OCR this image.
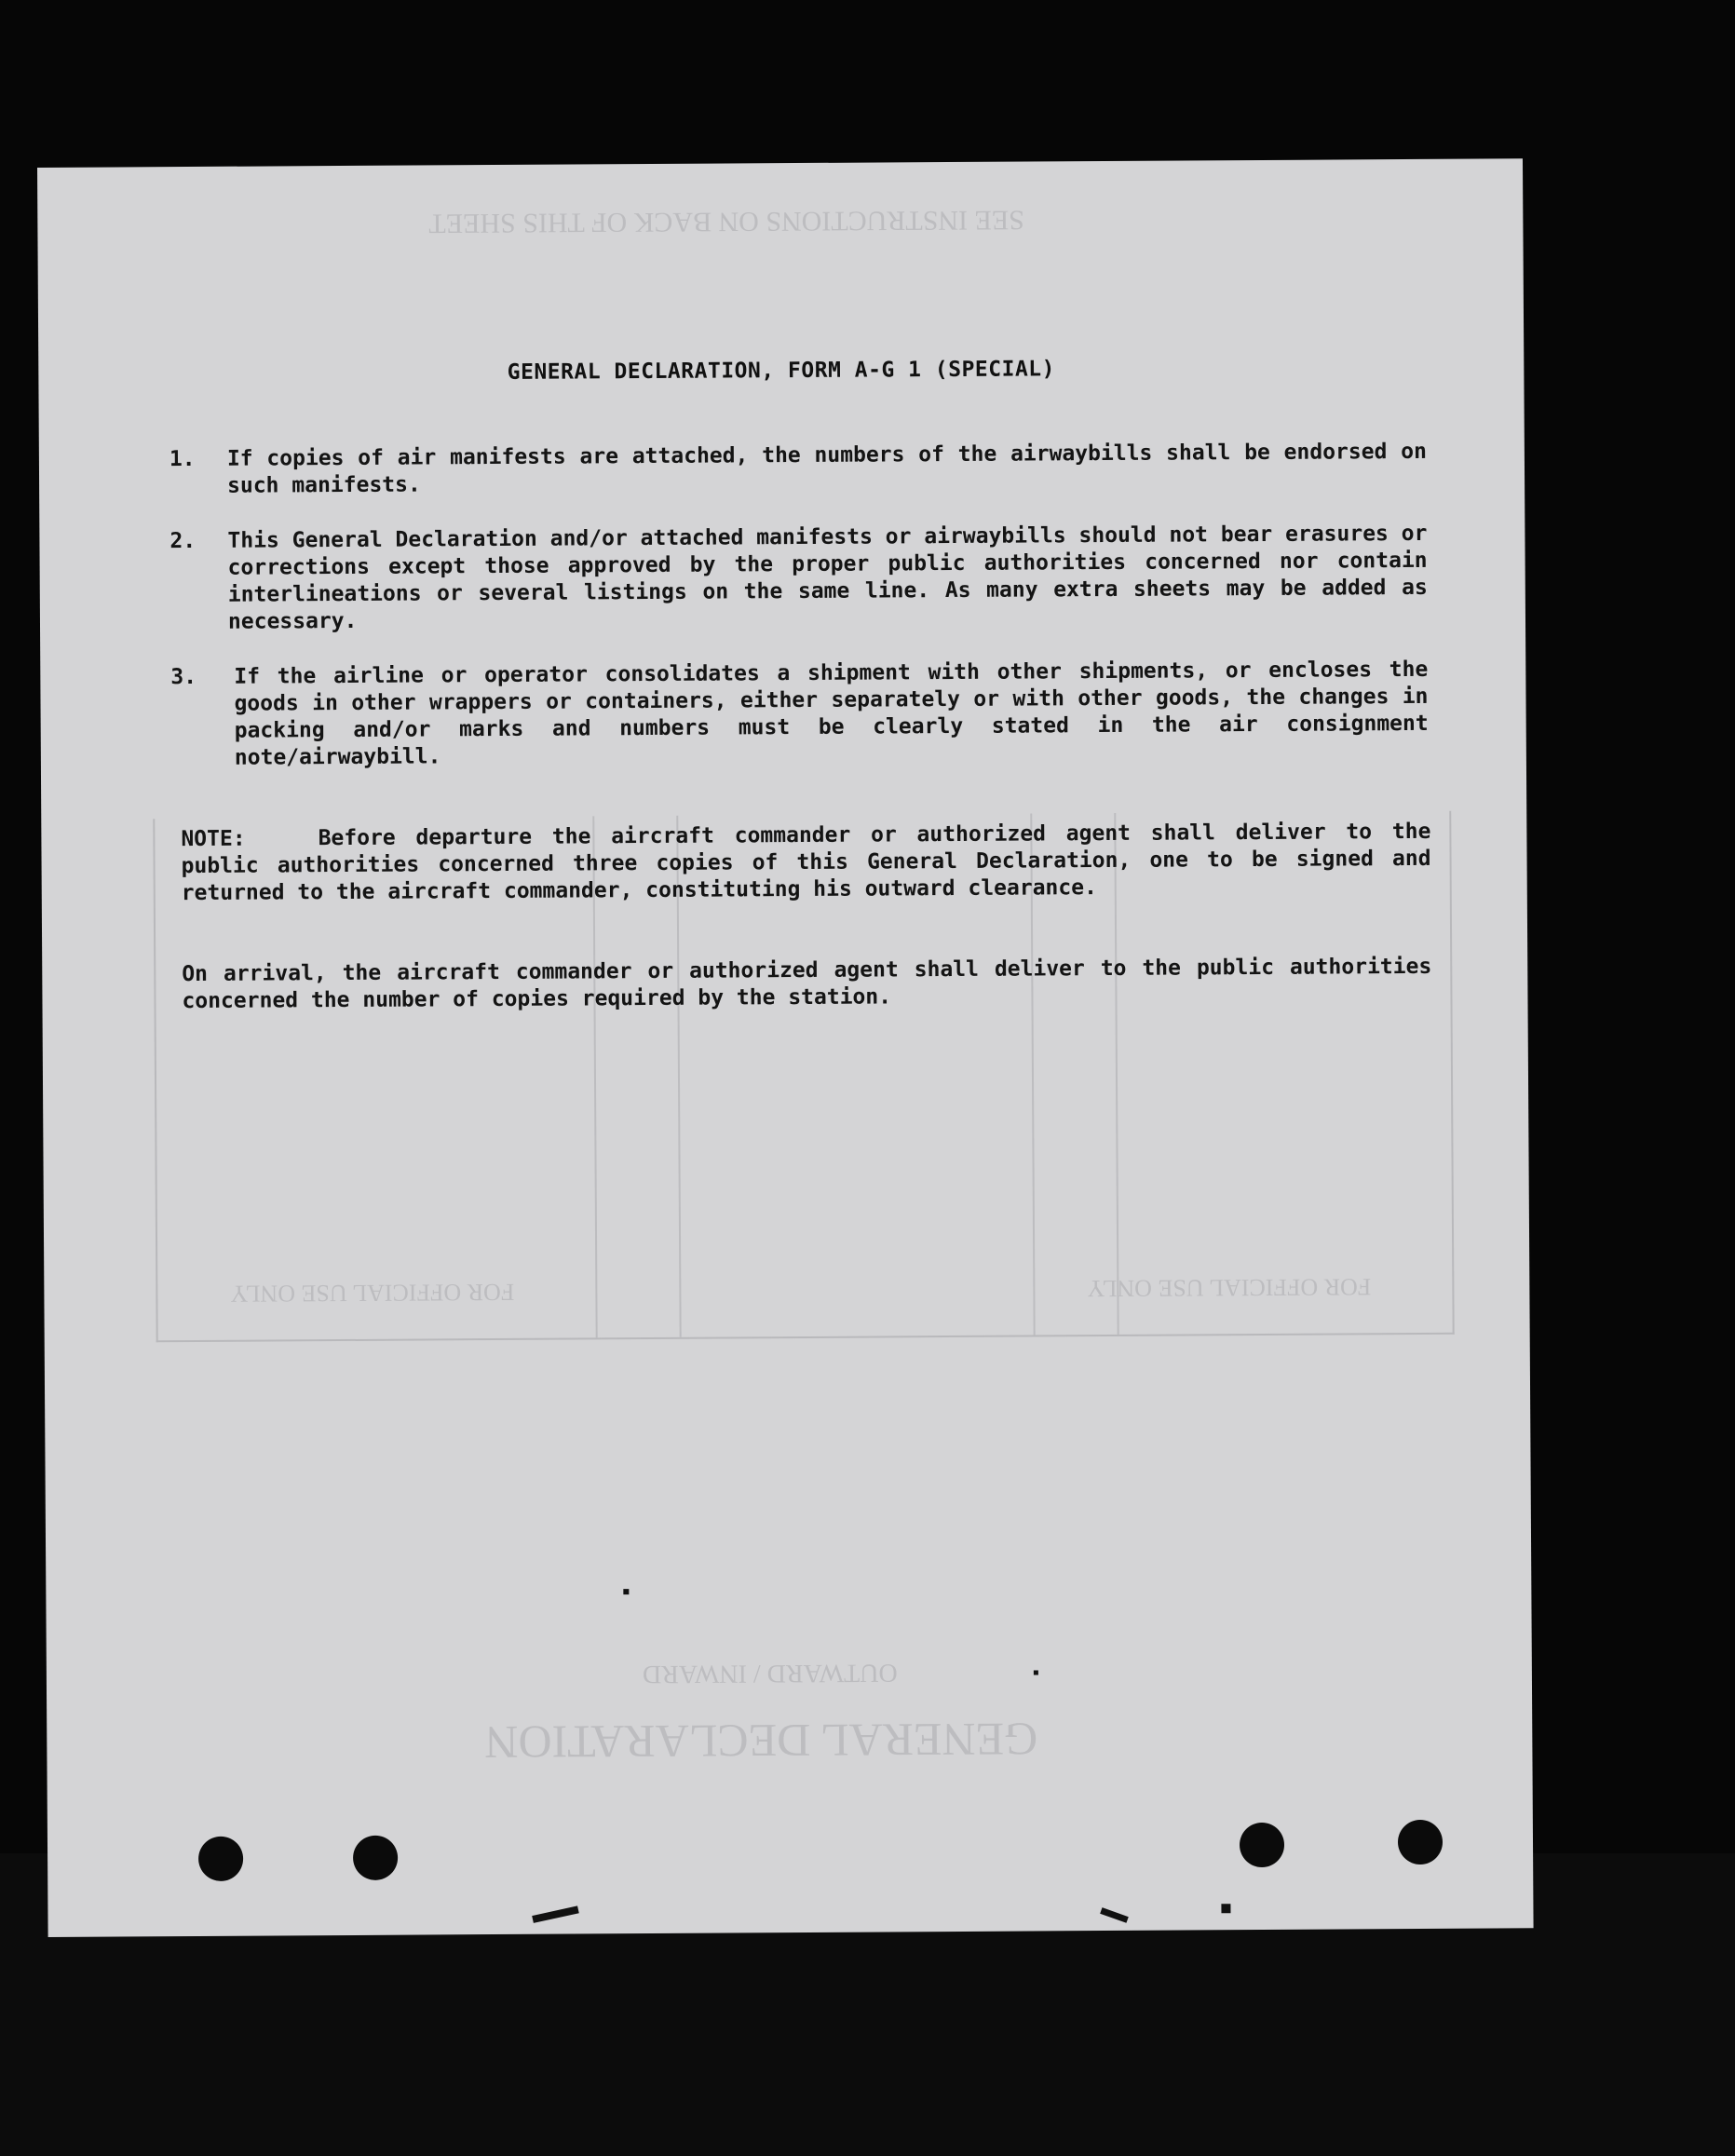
SEE INSTRUCTIONS ON BACK OF THIS SHEET
FOR OFFICIAL USE ONLY	FOR OFFICIAL USE ONLY
GENERAL DECLARATION
OUTWARD / INWARD
GENERAL DECLARATION, FORM A-G 1 (SPECIAL)
1. If copies of air manifests are attached, the numbers of the airwaybills shall be endorsed on such manifests.
2. This General Declaration and/or attached manifests or airwaybills should not bear erasures or corrections except those approved by the proper public authorities concerned nor contain interlineations or several listings on the same line. As many extra sheets may be added as necessary.
3. If the airline or operator consolidates a shipment with other shipments, or encloses the goods in other wrappers or containers, either separately or with other goods, the changes in packing and/or marks and numbers must be clearly stated in the air consignment note/airwaybill.
NOTE:	Before departure the aircraft commander or authorized agent shall deliver to the public authorities concerned three copies of this General Declaration, one to be signed and returned to the aircraft commander, constituting his outward clearance.
On arrival, the aircraft commander or authorized agent shall deliver to the public authorities concerned the number of copies required by the station.
